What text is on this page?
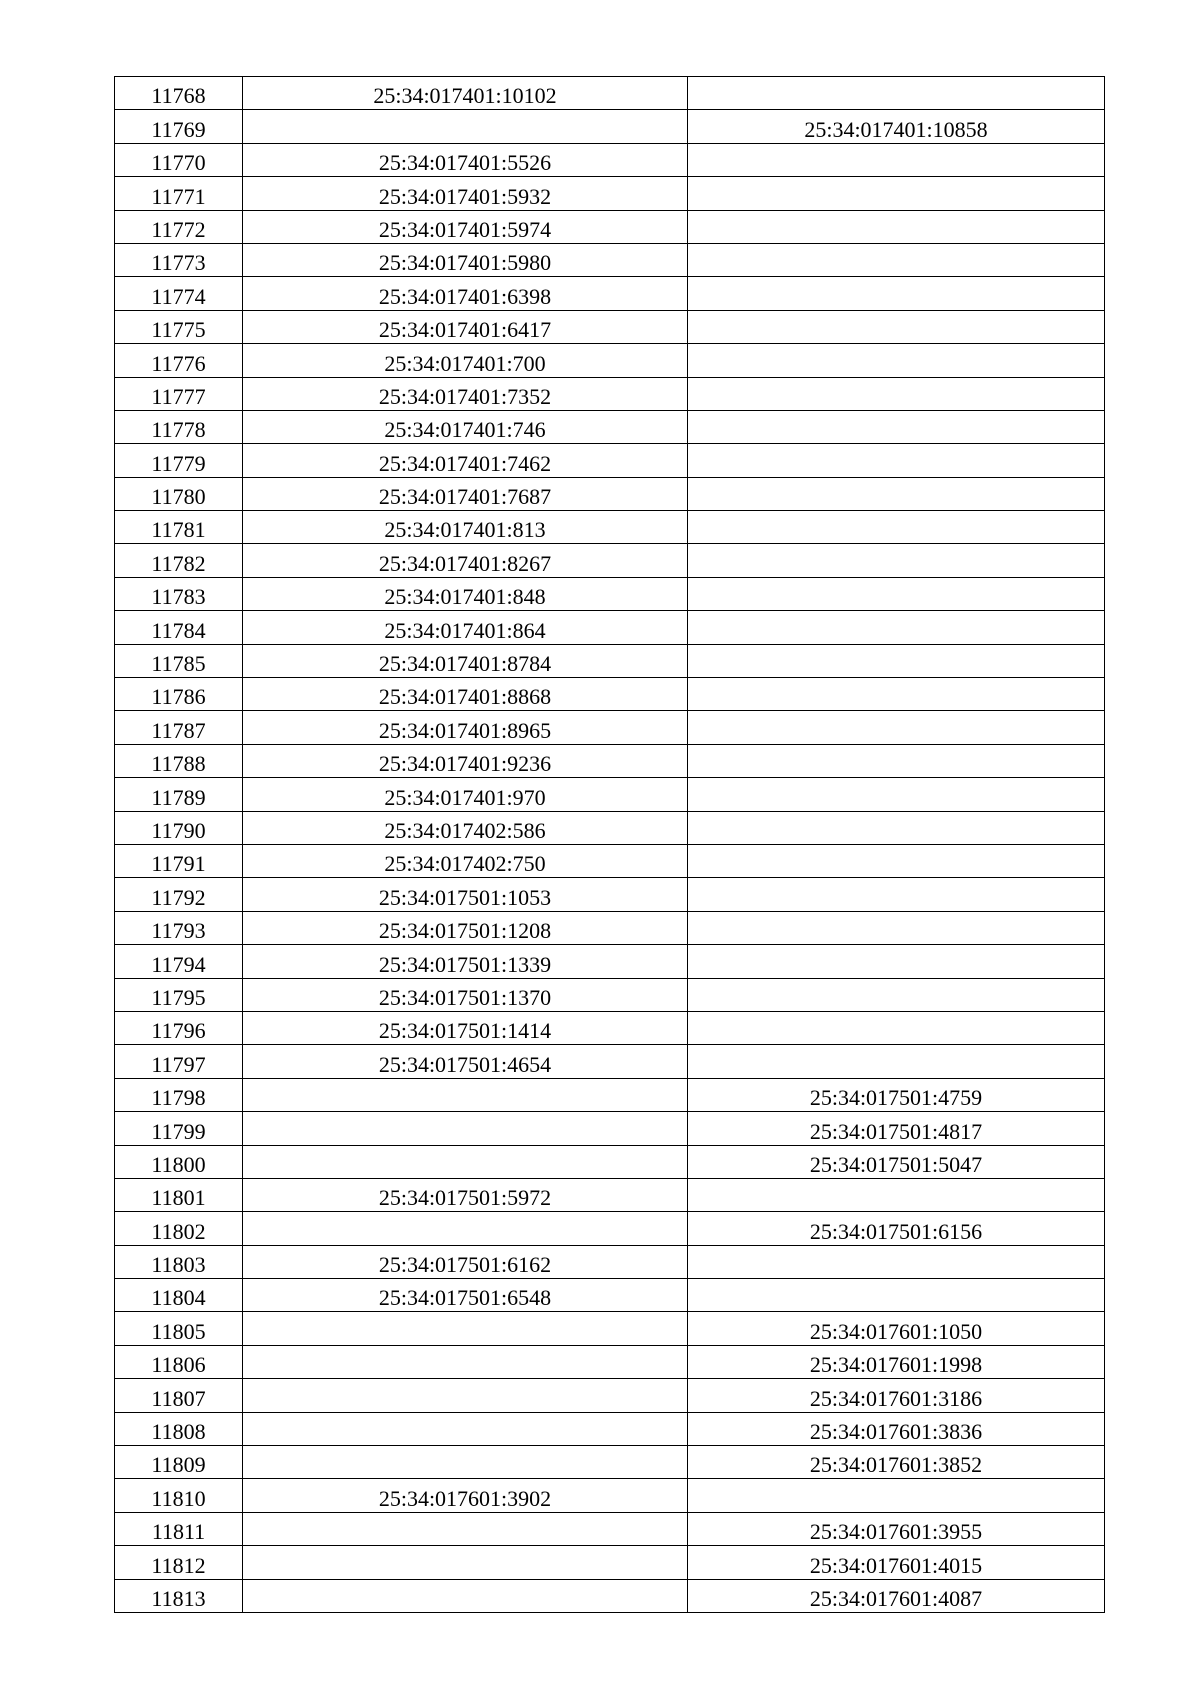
11768	25:34:017401:10102	
11769		25:34:017401:10858
11770	25:34:017401:5526	
11771	25:34:017401:5932	
11772	25:34:017401:5974	
11773	25:34:017401:5980	
11774	25:34:017401:6398	
11775	25:34:017401:6417	
11776	25:34:017401:700	
11777	25:34:017401:7352	
11778	25:34:017401:746	
11779	25:34:017401:7462	
11780	25:34:017401:7687	
11781	25:34:017401:813	
11782	25:34:017401:8267	
11783	25:34:017401:848	
11784	25:34:017401:864	
11785	25:34:017401:8784	
11786	25:34:017401:8868	
11787	25:34:017401:8965	
11788	25:34:017401:9236	
11789	25:34:017401:970	
11790	25:34:017402:586	
11791	25:34:017402:750	
11792	25:34:017501:1053	
11793	25:34:017501:1208	
11794	25:34:017501:1339	
11795	25:34:017501:1370	
11796	25:34:017501:1414	
11797	25:34:017501:4654	
11798		25:34:017501:4759
11799		25:34:017501:4817
11800		25:34:017501:5047
11801	25:34:017501:5972	
11802		25:34:017501:6156
11803	25:34:017501:6162	
11804	25:34:017501:6548	
11805		25:34:017601:1050
11806		25:34:017601:1998
11807		25:34:017601:3186
11808		25:34:017601:3836
11809		25:34:017601:3852
11810	25:34:017601:3902	
11811		25:34:017601:3955
11812		25:34:017601:4015
11813		25:34:017601:4087
